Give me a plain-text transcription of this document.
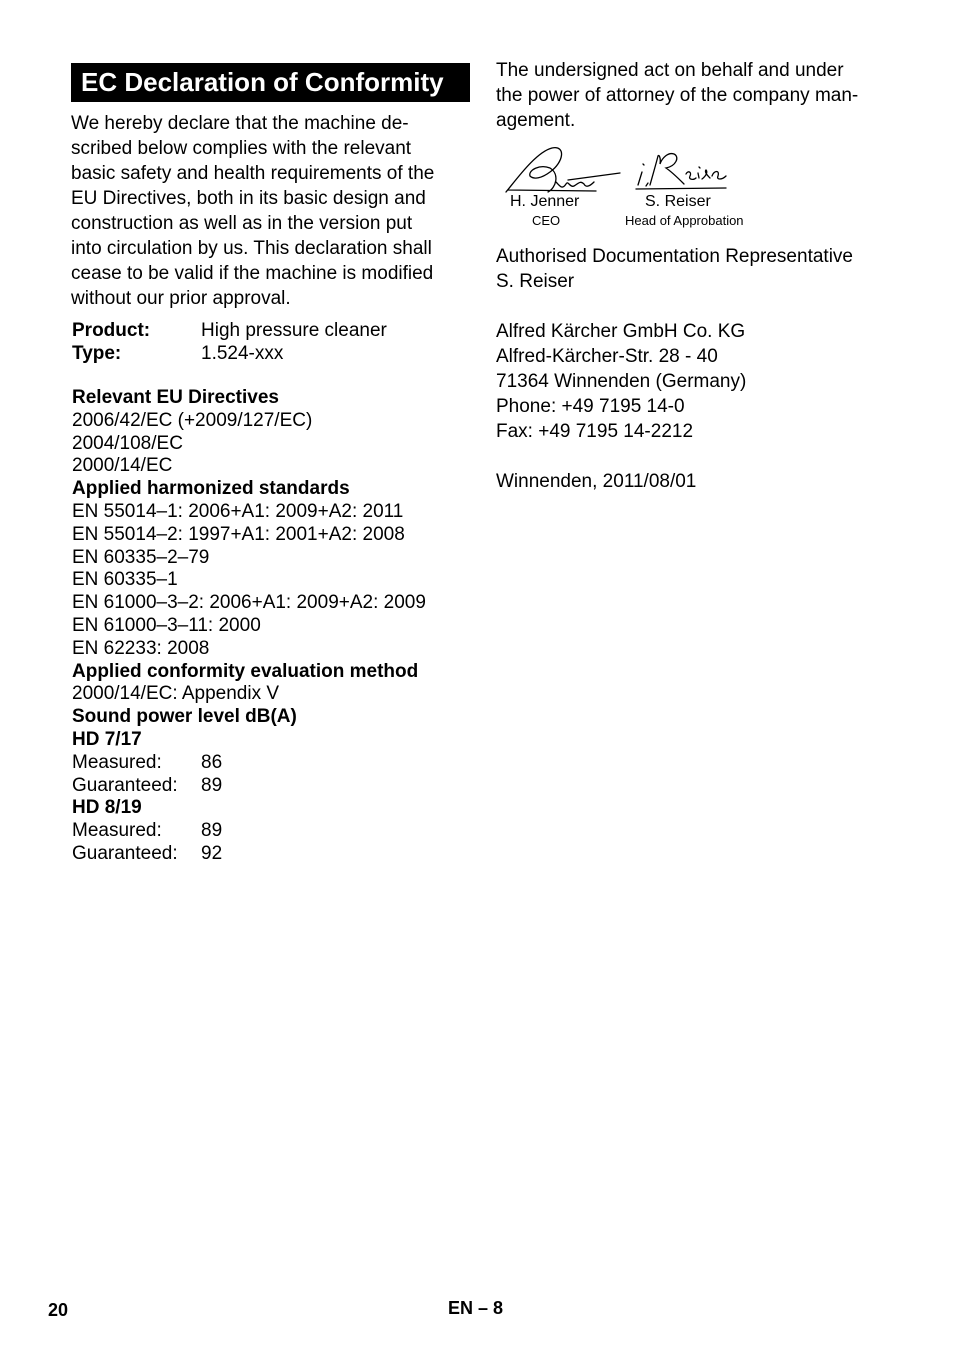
EC Declaration of Conformity

We hereby declare that the machine de-
scribed below complies with the relevant
basic safety and health requirements of the
EU Directives, both in its basic design and
construction as well as in the version put
into circulation by us. This declaration shall
cease to be valid if the machine is modified
without our prior approval.

Product:	High pressure cleaner
Type:	1.524-xxx
Relevant EU Directives
2006/42/EC (+2009/127/EC)
2004/108/EC
2000/14/EC
Applied harmonized standards
EN 55014–1: 2006+A1: 2009+A2: 2011
EN 55014–2: 1997+A1: 2001+A2: 2008
EN 60335–2–79
EN 60335–1
EN 61000–3–2: 2006+A1: 2009+A2: 2009
EN 61000–3–11: 2000
EN 62233: 2008
Applied conformity evaluation method
2000/14/EC: Appendix V
Sound power level dB(A)
HD 7/17
Measured: 86
Guaranteed: 89
HD 8/19
Measured: 89
Guaranteed: 92
The undersigned act on behalf and under
the power of attorney of the company man-
agement.
H. Jenner
CEO
S. Reiser
Head of Approbation
Authorised Documentation Representative
S. Reiser
Alfred Kärcher GmbH Co. KG
Alfred-Kärcher-Str. 28 - 40
71364 Winnenden (Germany)
Phone: +49 7195 14-0
Fax: +49 7195 14-2212
Winnenden, 2011/08/01
20	EN – 8
